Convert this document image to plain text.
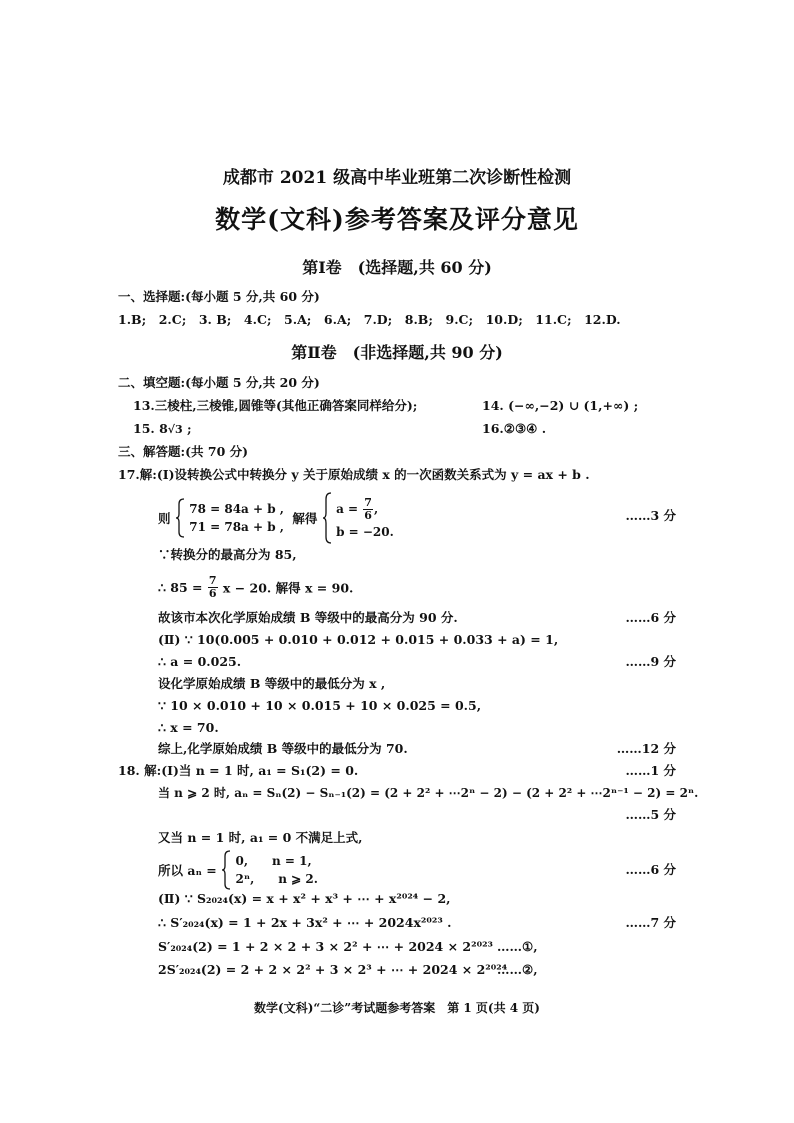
成都市 2021 级高中毕业班第二次诊断性检测
数学(文科)参考答案及评分意见
第Ⅰ卷　(选择题,共 60 分)
一、选择题:(每小题 5 分,共 60 分)
1.B;　2.C;　3. B;　4.C;　5.A;　6.A;　7.D;　8.B;　9.C;　10.D;　11.C;　12.D.
第Ⅱ卷　(非选择题,共 90 分)
二、填空题:(每小题 5 分,共 20 分)
13.三棱柱,三棱锥,圆锥等(其他正确答案同样给分);	14. (−∞,−2) ∪ (1,+∞) ;
15. 8√3 ;	16.②③④ .
三、解答题:(共 70 分)
17.解:(Ⅰ)设转换公式中转换分 y 关于原始成绩 x 的一次函数关系式为 y = ax + b .
则
78 = 84a + b ,
71 = 78a + b ,
解得
$a = \frac{7}{6}$ ,
b = −20.
……3 分
∵转换分的最高分为 85,
∴ $85 = \frac{7}{6}$ x − 20. 解得 x = 90.
故该市本次化学原始成绩 B 等级中的最高分为 90 分.	……6 分
(Ⅱ) ∵ 10(0.005 + 0.010 + 0.012 + 0.015 + 0.033 + a) = 1,
∴ a = 0.025.	……9 分
设化学原始成绩 B 等级中的最低分为 x ,
∵ 10 × 0.010 + 10 × 0.015 + 10 × 0.025 = 0.5,
∴ x = 70.
综上,化学原始成绩 B 等级中的最低分为 70.	……12 分
18. 解:(Ⅰ)当 n = 1 时, a₁ = S₁(2) = 0.	……1 分
当 n ⩾ 2 时, aₙ = Sₙ(2) − Sₙ₋₁(2) = (2 + 2² + ⋯2ⁿ − 2) − (2 + 2² + ⋯2ⁿ⁻¹ − 2) = 2ⁿ.
……5 分
又当 n = 1 时, a₁ = 0 不满足上式,
所以 aₙ =
0,　　n = 1,
2ⁿ,　　n ⩾ 2.
……6 分
(Ⅱ) ∵ S₂₀₂₄(x) = x + x² + x³ + ⋯ + x²⁰²⁴ − 2,
∴ S′₂₀₂₄(x) = 1 + 2x + 3x² + ⋯ + 2024x²⁰²³ .	……7 分
S′₂₀₂₄(2) = 1 + 2 × 2 + 3 × 2² + ⋯ + 2024 × 2²⁰²³ ……①,
2S′₂₀₂₄(2) = 2 + 2 × 2² + 3 × 2³ + ⋯ + 2024 × 2²⁰²⁴
……②,
数学(文科)“二诊”考试题参考答案　第 1 页(共 4 页)
